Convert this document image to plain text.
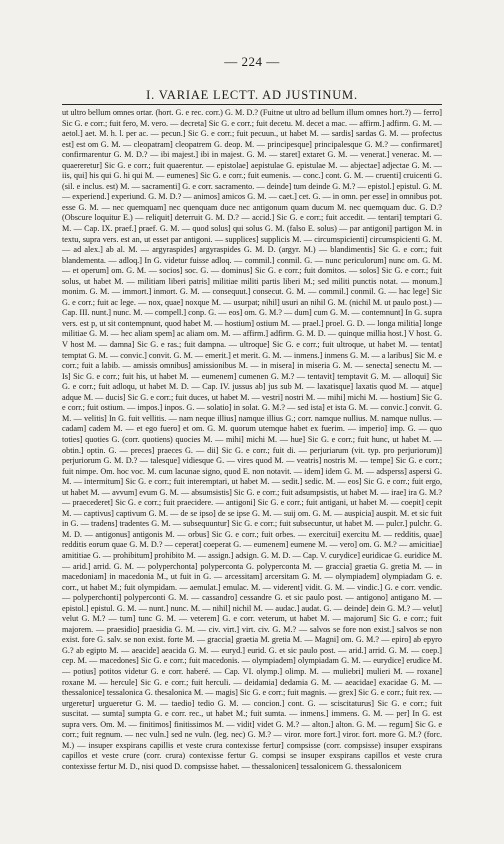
— 224 —
I. VARIAE LECTT. AD JUSTINUM.
ut ultro bellum omnes ortar. (hort. G. e rec. corr.) G. M. D.? (Fuitne ut ultro ad bellum illum omnes hort.?) — ferro] Sic G. e corr.; fuit fero, M. vero. — decreta] Sic G. e corr.; fuit decetu. M. decet a mac. — affirm.] adfirm. G. M. — aetol.] aet. M. h. l. per ac. — pecun.] Sic G. e corr.; fuit pecuun., ut habet M. — sardis] sardas G. M. — profectus est] est om G. M. — cleopatram] cleopatrem G. deop. M. — principesque] principalesque G. M.? — confirmaret] confirmarentur G. M. D.? — ibi majest.] ibi in majest. G. M. — staret] extaret G. M. — venerat.] venerac. M. — quaereretur] Sic G. e corr.; fuit quaerentur. — epistolae] aepistulae G. epistulae M. — abjectae] adjectae G. M. — iis, qui] his qui G. hi qui M. — eumenes] Sic G. e corr.; fuit eumenis. — conc.] cont. G. M. — cruenti] cruicenti G. (sil. e inclus. est) M. — sacramenti] G. e corr. sacramento. — deinde] tum deinde G. M.? — epistol.] epistul. G. M. — experiend.] experiund. G. M. D.? — animos] amicos G. M. — caet.] cet. G. — in omn. per esse] in omnibus pot. esse G. M. — nec quemquam] nec quenquam duce nec antigonum quam ducum M. nec quemquam duc. G. D.? (Obscure loquitur E.) — reliquit] deterruit G. M. D.? — accid.] Sic G. e corr.; fuit accedit. — tentari] temptari G. M. — Cap. IX. praef.] praef. G. M. — quod solus] qui solus G. M. (falso E. solus) — par antigoni] partigon M. in textu, supra vers. est an, ut esset par antigoni. — supplices] supplicis M. — circumspicienti] circumspicienti G. M. — ad alex.] ab al. M. — argyraspides] argyraspides G. M. D. (argyr. M.) — blandimentis] Sic G. e corr.; fuit blandementa. — adloq.] In G. videtur fuisse adloq. — commil.] conmil. G. — nunc periculorum] nunc om. G. M. — et operum] om. G. M. — socios] soc. G. — dominus] Sic G. e corr.; fuit domitos. — solos] Sic G. e corr.; fuit solus, ut habet M. — militiam liberi patris] militiae militi partis liberi M.; sed militi punctis notat. — monum.] monim. G. M. — immort.] inmort. G. M. — consequut.] consecut. G. M. — commil.] conmil. G. — hac lege] Sic G. e corr.; fuit ac lege. — nox, quae] noxque M. — usurpat; nihil] usuri an nihil G. M. (nichil M. ut paulo post.) — Cap. III. nunt.] nunc. M. — compell.] conp. G. — eos] om. G. M.? — dum] cum G. M. — contemnunt] In G. supra vers. est p, ut sit contempnunt, quod habet M. — hostium] ostium M. — prael.] proel. G. D. — longa militia] longe militiae G. M. — hec aliam spem] ac aliam om. M. — affirm.] adfirm. G. M. D. — quinque millia host.] V host. G. V host M. — damna] Sic G. e ras.; fuit dampna. — ultroque] Sic G. e corr.; fuit ultroque, ut habet M. — tentat] temptat G. M. — convic.] convit. G. M. — emerit.] et merit. G. M. — inmens.] inmens G. M. — a laribus] Sic M. e corr.; fuit a labib. — amissis omnibus] amissionibus M. — in misera] in miseria G. M. — senecta] senectu M. — Is] Sic G. e corr.; fuit his, ut habet M. — eumenem] cumenen G. M.? — tentavit] temptavit G. M. — alloqui] Sic G. e corr.; fuit adloqu, ut habet M. D. — Cap. IV. jussus ab] jus sub M. — laxatisque] laxatis quod M. — atque] adque M. — ducis] Sic G. e corr.; fuit duces, ut habet M. — vestri] nostri M. — mihi] michi M. — hostium] Sic G. e corr.; fuit ostium. — impos.] inpos. G. — solatio] in solat. G. M.? — sed ista] et ista G. M. — convic.] convit. G. M. — velitis] In G. fuit vellitis. — nam neque illius] namque illius G.; corr. namque nullius. M. namque nullus. — cadam] cadem M. — et ego fuero] et om. G. M. quorum utemque habet ex fuerim. — imperio] imp. G. — quo toties] quoties G. (corr. quotiens) quocies M. — mihi] michi M. — hue] Sic G. e corr.; fuit hunc, ut habet M. — obtin.] optin. G. — preces] praeces G. — dii] Sic G. e corr.; fuit di. — perjuriarum (vit. typ. pro perjuriorum)] perjuriorum G. M. D.? — talesque] vidiesque G. — vires quod M. — veatris] nostris M. — tempe] Sic G. e corr.; fuit nimpe. Om. hoc voc. M. cum lacunae signo, quod E. non notavit. — idem] idem G. M. — adsperss] aspersi G. M. — intermitum] Sic G. e corr.; fuit interemptari, ut habet M. — sedit.] sedic. M. — eos] Sic G. e corr.; fuit ergo, ut habet M. — avvum] evum G. M. — absumsistis] Sic G. e corr.; fuit adsumpsistis, ut habet M. — irae] ira G. M.? — praecederet] Sic G. e corr.; fuit praecidere. — antigoni] Sic G. e corr.; fuit antigani, ut habet M. — coepit] cepit M. — captivus] captivum G. M. — de se ipso] de se ipse G. M. — suij om. G. M. — auspicia] auspit. M. et sic fuit in G. — tradens] tradentes G. M. — subsequuntur] Sic G. e corr.; fuit subsecuntur, ut habet M. — pulcr.] pulchr. G. M. D. — antigonus] antigonis M. — orbus] Sic G. e corr.; fuit orbes. — exercitui] exercitu M. — redditis, quae] redditis eorum quae G. M. D.? — ceperat] coeperat G. — eumenem] eumene M. — vero] om. G. M.? — amicitiae] amititiae G. — prohibitum] prohibito M. — assign.] adsign. G. M. D. — Cap. V. curydice] euridicae G. euridice M. — arid.] arrid. G. M. — polyperchonta] polyperconta G. polyperconta M. — graccia] graetia G. gretia M. — in macedoniam] in macedonia M., ut fuit in G. — arcessitam] arcersitam G. M. — olympiadem] olympiadam G. e. corr., ut habet M.; fuit olympidam. — aemulat.] emulac. M. — viderent] vidit. G. M. — vindic.] G. e corr. vendic. — polyperchonti] polyperconti G. M. — cassandro] cessandre G. et sic paulo post. — antigono] antigano M. — epistol.] epistul. G. M. — nunt.] nunc. M. — nihil] nichil M. — audac.] audat. G. — deinde] dein G. M.? — velut] velut G. M.? — tum] tunc G. M. — veterem] G. e corr. veterum, ut habet M. — majorum] Sic G. e corr.; fuit majorem. — praesidio] praesidia G. M. — civ. virt.] virt. civ. G. M.? — salvos se fore non exist.] salvos se non exist. fore G. salv. se non exist. forte M. — graccia] graetia M. gretia M. — Magni] om. G. M.? — epiro] ab epyro G.? ab egipto M. — aeacide] aeacida G. M. — euryd.] eurid. G. et sic paulo post. — arid.] arrid. G. M. — coep.] cep. M. — macedones] Sic G. e corr.; fuit macedonis. — olympiadem] olympiadam G. M. — eurydice] erudice M. — potius] potitos videtur G. e corr. haberé. — Cap. VI. olymp.] olimp. M. — muliebri] mulieri M. — roxane] roxane M. — hercule] Sic G. e corr.; fuit herculi. — deidamia] dedamia G. M. — aeacidae] exacidae G. M. — thessalonice] tessalonica G. thesalonica M. — magis] Sic G. e corr.; fuit magnis. — grex] Sic G. e corr.; fuit rex. — urgeretur] urgueretur G. M. — taedio] tedio G. M. — concion.] cont. G. — sciscitaturus] Sic G. e corr.; fuit suscitat. — sumta] sumpta G. e corr. rec., ut habet M.; fuit sumta. — inmens.] immens. G. M. — per] In G. est supra vers. Om. M. — finitimos] finitissimos M. — vidit] videt G. M.? — alton.] alton. G. M. — regum] Sic G. e corr.; fuit regnum. — nec vuln.] sed ne vuln. (leg. nec) G. M.? — viror. more fort.] viror. fort. more G. M.? (forc. M.) — insuper exspirans capillis et veste crura contexisse fertur] compsisse (corr. compsisse) insuper exspirans capillos et veste crure (corr. crura) contexisse fertur G. compsi se insuper exspirans capillos et veste crura contexisse fertur M. D., nisi quod D. compsisse habet. — thessalonicen] tessalonicem G. thessalonicem
